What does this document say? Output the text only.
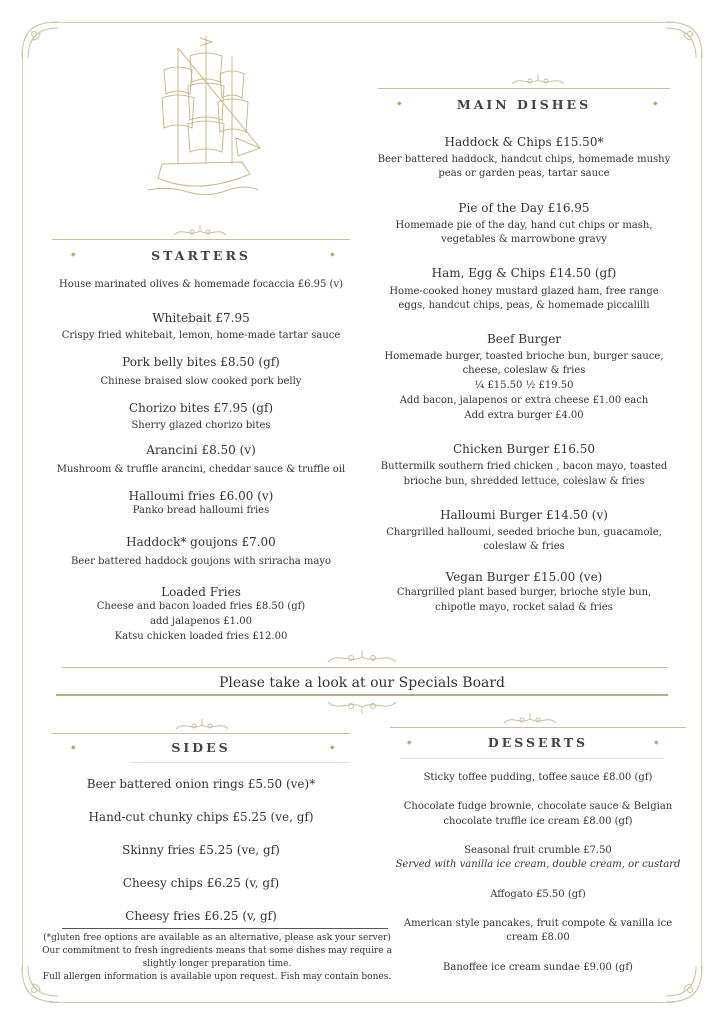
◆	◆
MAIN DISHES
Haddock & Chips £15.50*
Beer battered haddock, handcut chips, homemade mushy
peas or garden peas, tartar sauce
Pie of the Day £16.95
Homemade pie of the day, hand cut chips or mash,
vegetables & marrowbone gravy
Ham, Egg & Chips £14.50 (gf)
Home-cooked honey mustard glazed ham, free range
eggs, handcut chips, peas, & homemade piccalilli
Beef Burger
Homemade burger, toasted brioche bun, burger sauce,
cheese, coleslaw & fries
¼ £15.50 ½ £19.50
Add bacon, jalapenos or extra cheese £1.00 each
Add extra burger £4.00
Chicken Burger £16.50
Buttermilk southern fried chicken , bacon mayo, toasted
brioche bun, shredded lettuce, coleslaw & fries
Halloumi Burger £14.50 (v)
Chargrilled halloumi, seeded brioche bun, guacamole,
coleslaw & fries
Vegan Burger £15.00 (ve)
Chargrilled plant based burger, brioche style bun,
chipotle mayo, rocket salad & fries
◆	◆
STARTERS
House marinated olives & homemade focaccia £6.95 (v)
Whitebait £7.95
Crispy fried whitebait, lemon, home-made tartar sauce
Pork belly bites £8.50 (gf)
Chinese braised slow cooked pork belly
Chorizo bites £7.95 (gf)
Sherry glazed chorizo bites
Arancini £8.50 (v)
Mushroom & truffle arancini, cheddar sauce & truffle oil
Halloumi fries £6.00 (v)
Panko bread halloumi fries
Haddock* goujons £7.00
Beer battered haddock goujons with sriracha mayo
Loaded Fries
Cheese and bacon loaded fries £8.50 (gf)
add jalapenos £1.00
Katsu chicken loaded fries £12.00
Please take a look at our Specials Board
◆	◆
SIDES
Beer battered onion rings £5.50 (ve)*
Hand-cut chunky chips £5.25 (ve, gf)
Skinny fries £5.25 (ve, gf)
Cheesy chips £6.25 (v, gf)
Cheesy fries £6.25 (v, gf)
(*gluten free options are available as an alternative, please ask your server)
Our commitment to fresh ingredients means that some dishes may require a
slightly longer preparation time.
Full allergen information is available upon request. Fish may contain bones.
◆	◆
DESSERTS
Sticky toffee pudding, toffee sauce £8.00 (gf)
Chocolate fudge brownie, chocolate sauce & Belgian
chocolate truffle ice cream £8.00 (gf)
Seasonal fruit crumble £7.50
Served with vanilla ice cream, double cream, or custard
Affogato £5.50 (gf)
American style pancakes, fruit compote & vanilla ice
cream £8.00
Banoffee ice cream sundae £9.00 (gf)
